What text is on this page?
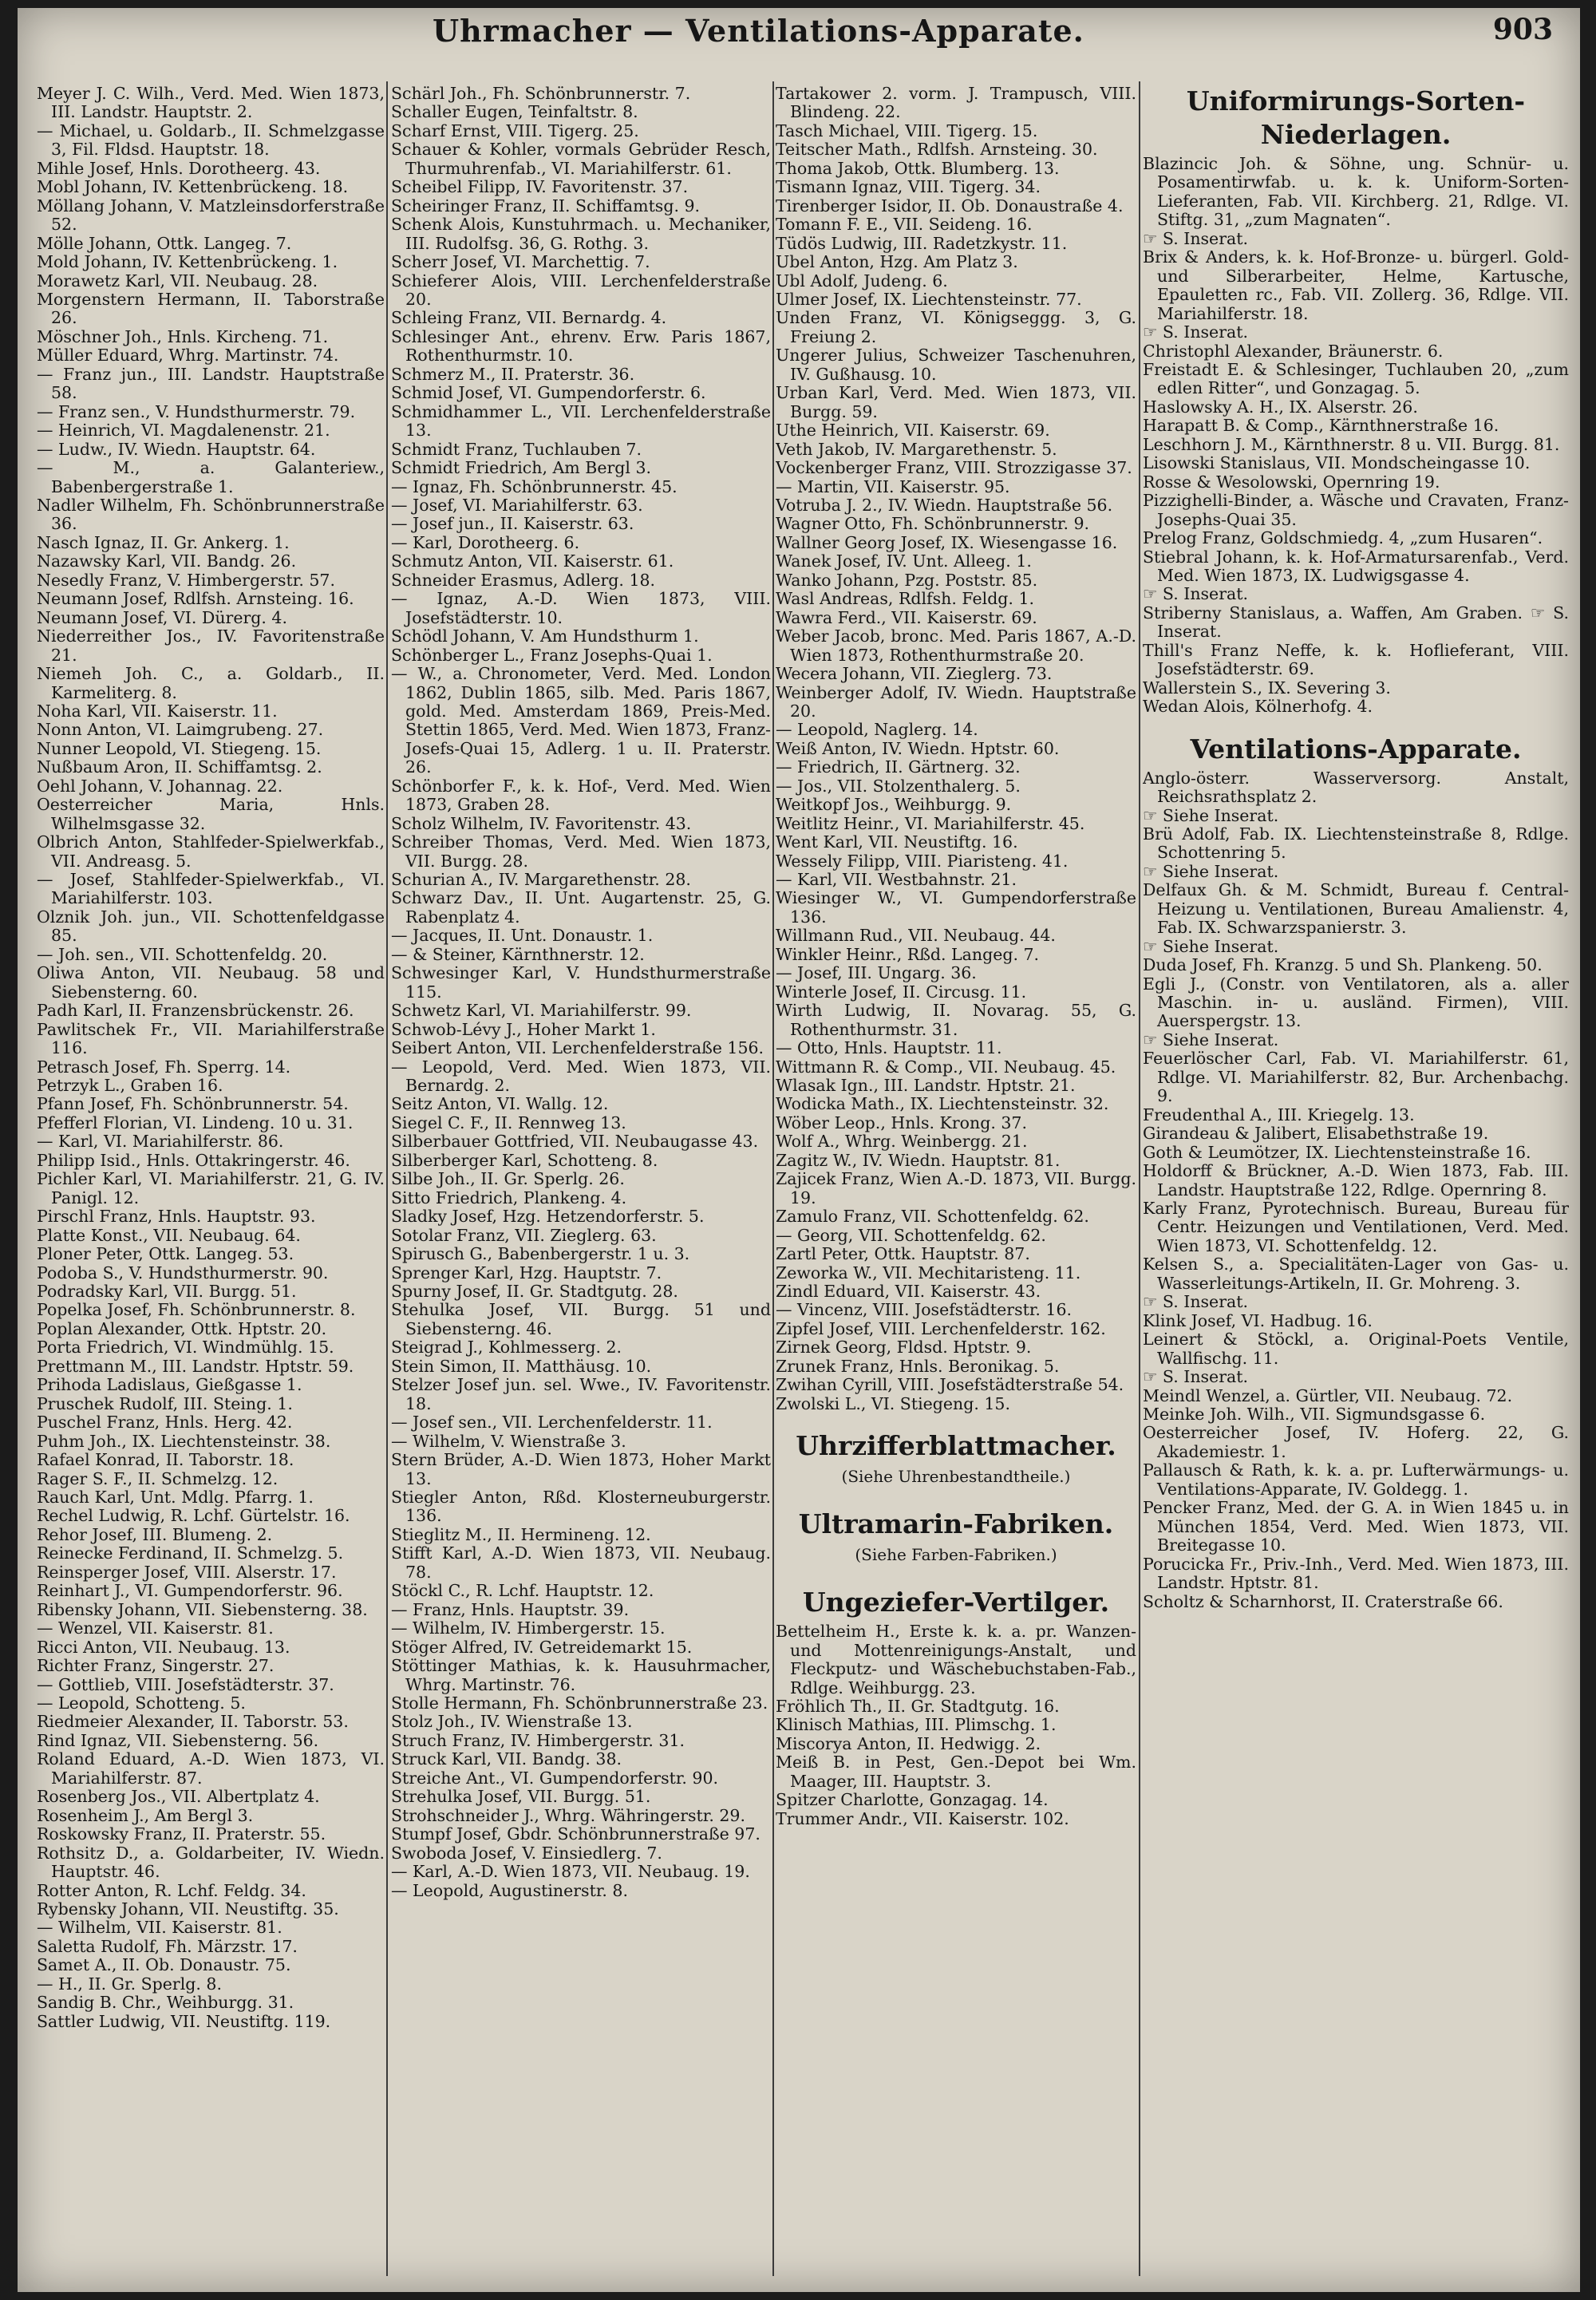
Uhrmacher — Ventilations-Apparate.	903
Meyer J. C. Wilh., Verd. Med. Wien 1873, III. Landstr. Hauptstr. 2.
— Michael, u. Goldarb., II. Schmelzgasse 3, Fil. Fldsd. Hauptstr. 18.
Mihle Josef, Hnls. Dorotheerg. 43.
Mobl Johann, IV. Kettenbrückeng. 18.
Möllang Johann, V. Matzleinsdorferstraße 52.
Mölle Johann, Ottk. Langeg. 7.
Mold Johann, IV. Kettenbrückeng. 1.
Morawetz Karl, VII. Neubaug. 28.
Morgenstern Hermann, II. Taborstraße 26.
Möschner Joh., Hnls. Kircheng. 71.
Müller Eduard, Whrg. Martinstr. 74.
— Franz jun., III. Landstr. Hauptstraße 58.
— Franz sen., V. Hundsthurmerstr. 79.
— Heinrich, VI. Magdalenenstr. 21.
— Ludw., IV. Wiedn. Hauptstr. 64.
— M., a. Galanteriew., Babenbergerstraße 1.
Nadler Wilhelm, Fh. Schönbrunnerstraße 36.
Nasch Ignaz, II. Gr. Ankerg. 1.
Nazawsky Karl, VII. Bandg. 26.
Nesedly Franz, V. Himbergerstr. 57.
Neumann Josef, Rdlfsh. Arnsteing. 16.
Neumann Josef, VI. Dürerg. 4.
Niederreither Jos., IV. Favoritenstraße 21.
Niemeh Joh. C., a. Goldarb., II. Karmeliterg. 8.
Noha Karl, VII. Kaiserstr. 11.
Nonn Anton, VI. Laimgrubeng. 27.
Nunner Leopold, VI. Stiegeng. 15.
Nußbaum Aron, II. Schiffamtsg. 2.
Oehl Johann, V. Johannag. 22.
Oesterreicher Maria, Hnls. Wilhelmsgasse 32.
Olbrich Anton, Stahlfeder-Spielwerkfab., VII. Andreasg. 5.
— Josef, Stahlfeder-Spielwerkfab., VI. Mariahilferstr. 103.
Olznik Joh. jun., VII. Schottenfeldgasse 85.
— Joh. sen., VII. Schottenfeldg. 20.
Oliwa Anton, VII. Neubaug. 58 und Siebensterng. 60.
Padh Karl, II. Franzensbrückenstr. 26.
Pawlitschek Fr., VII. Mariahilferstraße 116.
Petrasch Josef, Fh. Sperrg. 14.
Petrzyk L., Graben 16.
Pfann Josef, Fh. Schönbrunnerstr. 54.
Pfefferl Florian, VI. Lindeng. 10 u. 31.
— Karl, VI. Mariahilferstr. 86.
Philipp Isid., Hnls. Ottakringerstr. 46.
Pichler Karl, VI. Mariahilferstr. 21, G. IV. Panigl. 12.
Pirschl Franz, Hnls. Hauptstr. 93.
Platte Konst., VII. Neubaug. 64.
Ploner Peter, Ottk. Langeg. 53.
Podoba S., V. Hundsthurmerstr. 90.
Podradsky Karl, VII. Burgg. 51.
Popelka Josef, Fh. Schönbrunnerstr. 8.
Poplan Alexander, Ottk. Hptstr. 20.
Porta Friedrich, VI. Windmühlg. 15.
Prettmann M., III. Landstr. Hptstr. 59.
Prihoda Ladislaus, Gießgasse 1.
Pruschek Rudolf, III. Steing. 1.
Puschel Franz, Hnls. Herg. 42.
Puhm Joh., IX. Liechtensteinstr. 38.
Rafael Konrad, II. Taborstr. 18.
Rager S. F., II. Schmelzg. 12.
Rauch Karl, Unt. Mdlg. Pfarrg. 1.
Rechel Ludwig, R. Lchf. Gürtelstr. 16.
Rehor Josef, III. Blumeng. 2.
Reinecke Ferdinand, II. Schmelzg. 5.
Reinsperger Josef, VIII. Alserstr. 17.
Reinhart J., VI. Gumpendorferstr. 96.
Ribensky Johann, VII. Siebensterng. 38.
— Wenzel, VII. Kaiserstr. 81.
Ricci Anton, VII. Neubaug. 13.
Richter Franz, Singerstr. 27.
— Gottlieb, VIII. Josefstädterstr. 37.
— Leopold, Schotteng. 5.
Riedmeier Alexander, II. Taborstr. 53.
Rind Ignaz, VII. Siebensterng. 56.
Roland Eduard, A.-D. Wien 1873, VI. Mariahilferstr. 87.
Rosenberg Jos., VII. Albertplatz 4.
Rosenheim J., Am Bergl 3.
Roskowsky Franz, II. Praterstr. 55.
Rothsitz D., a. Goldarbeiter, IV. Wiedn. Hauptstr. 46.
Rotter Anton, R. Lchf. Feldg. 34.
Rybensky Johann, VII. Neustiftg. 35.
— Wilhelm, VII. Kaiserstr. 81.
Saletta Rudolf, Fh. Märzstr. 17.
Samet A., II. Ob. Donaustr. 75.
— H., II. Gr. Sperlg. 8.
Sandig B. Chr., Weihburgg. 31.
Sattler Ludwig, VII. Neustiftg. 119.
Schärl Joh., Fh. Schönbrunnerstr. 7.
Schaller Eugen, Teinfaltstr. 8.
Scharf Ernst, VIII. Tigerg. 25.
Schauer & Kohler, vormals Gebrüder Resch, Thurmuhrenfab., VI. Mariahilferstr. 61.
Scheibel Filipp, IV. Favoritenstr. 37.
Scheiringer Franz, II. Schiffamtsg. 9.
Schenk Alois, Kunstuhrmach. u. Mechaniker, III. Rudolfsg. 36, G. Rothg. 3.
Scherr Josef, VI. Marchettig. 7.
Schieferer Alois, VIII. Lerchenfelderstraße 20.
Schleing Franz, VII. Bernardg. 4.
Schlesinger Ant., ehrenv. Erw. Paris 1867, Rothenthurmstr. 10.
Schmerz M., II. Praterstr. 36.
Schmid Josef, VI. Gumpendorferstr. 6.
Schmidhammer L., VII. Lerchenfelderstraße 13.
Schmidt Franz, Tuchlauben 7.
Schmidt Friedrich, Am Bergl 3.
— Ignaz, Fh. Schönbrunnerstr. 45.
— Josef, VI. Mariahilferstr. 63.
— Josef jun., II. Kaiserstr. 63.
— Karl, Dorotheerg. 6.
Schmutz Anton, VII. Kaiserstr. 61.
Schneider Erasmus, Adlerg. 18.
— Ignaz, A.-D. Wien 1873, VIII. Josefstädterstr. 10.
Schödl Johann, V. Am Hundsthurm 1.
Schönberger L., Franz Josephs-Quai 1.
— W., a. Chronometer, Verd. Med. London 1862, Dublin 1865, silb. Med. Paris 1867, gold. Med. Amsterdam 1869, Preis-Med. Stettin 1865, Verd. Med. Wien 1873, Franz-Josefs-Quai 15, Adlerg. 1 u. II. Praterstr. 26.
Schönborfer F., k. k. Hof-, Verd. Med. Wien 1873, Graben 28.
Scholz Wilhelm, IV. Favoritenstr. 43.
Schreiber Thomas, Verd. Med. Wien 1873, VII. Burgg. 28.
Schurian A., IV. Margarethenstr. 28.
Schwarz Dav., II. Unt. Augartenstr. 25, G. Rabenplatz 4.
— Jacques, II. Unt. Donaustr. 1.
— & Steiner, Kärnthnerstr. 12.
Schwesinger Karl, V. Hundsthurmerstraße 115.
Schwetz Karl, VI. Mariahilferstr. 99.
Schwob-Lévy J., Hoher Markt 1.
Seibert Anton, VII. Lerchenfelderstraße 156.
— Leopold, Verd. Med. Wien 1873, VII. Bernardg. 2.
Seitz Anton, VI. Wallg. 12.
Siegel C. F., II. Rennweg 13.
Silberbauer Gottfried, VII. Neubaugasse 43.
Silberberger Karl, Schotteng. 8.
Silbe Joh., II. Gr. Sperlg. 26.
Sitto Friedrich, Plankeng. 4.
Sladky Josef, Hzg. Hetzendorferstr. 5.
Sotolar Franz, VII. Zieglerg. 63.
Spirusch G., Babenbergerstr. 1 u. 3.
Sprenger Karl, Hzg. Hauptstr. 7.
Spurny Josef, II. Gr. Stadtgutg. 28.
Stehulka Josef, VII. Burgg. 51 und Siebensterng. 46.
Steigrad J., Kohlmesserg. 2.
Stein Simon, II. Matthäusg. 10.
Stelzer Josef jun. sel. Wwe., IV. Favoritenstr. 18.
— Josef sen., VII. Lerchenfelderstr. 11.
— Wilhelm, V. Wienstraße 3.
Stern Brüder, A.-D. Wien 1873, Hoher Markt 13.
Stiegler Anton, Rßd. Klosterneuburgerstr. 136.
Stieglitz M., II. Hermineng. 12.
Stifft Karl, A.-D. Wien 1873, VII. Neubaug. 78.
Stöckl C., R. Lchf. Hauptstr. 12.
— Franz, Hnls. Hauptstr. 39.
— Wilhelm, IV. Himbergerstr. 15.
Stöger Alfred, IV. Getreidemarkt 15.
Stöttinger Mathias, k. k. Hausuhrmacher, Whrg. Martinstr. 76.
Stolle Hermann, Fh. Schönbrunnerstraße 23.
Stolz Joh., IV. Wienstraße 13.
Struch Franz, IV. Himbergerstr. 31.
Struck Karl, VII. Bandg. 38.
Streiche Ant., VI. Gumpendorferstr. 90.
Strehulka Josef, VII. Burgg. 51.
Strohschneider J., Whrg. Währingerstr. 29.
Stumpf Josef, Gbdr. Schönbrunnerstraße 97.
Swoboda Josef, V. Einsiedlerg. 7.
— Karl, A.-D. Wien 1873, VII. Neubaug. 19.
— Leopold, Augustinerstr. 8.
Tartakower 2. vorm. J. Trampusch, VIII. Blindeng. 22.
Tasch Michael, VIII. Tigerg. 15.
Teitscher Math., Rdlfsh. Arnsteing. 30.
Thoma Jakob, Ottk. Blumberg. 13.
Tismann Ignaz, VIII. Tigerg. 34.
Tirenberger Isidor, II. Ob. Donaustraße 4.
Tomann F. E., VII. Seideng. 16.
Tüdös Ludwig, III. Radetzkystr. 11.
Ubel Anton, Hzg. Am Platz 3.
Ubl Adolf, Judeng. 6.
Ulmer Josef, IX. Liechtensteinstr. 77.
Unden Franz, VI. Königseggg. 3, G. Freiung 2.
Ungerer Julius, Schweizer Taschenuhren, IV. Gußhausg. 10.
Urban Karl, Verd. Med. Wien 1873, VII. Burgg. 59.
Uthe Heinrich, VII. Kaiserstr. 69.
Veth Jakob, IV. Margarethenstr. 5.
Vockenberger Franz, VIII. Strozzigasse 37.
— Martin, VII. Kaiserstr. 95.
Votruba J. 2., IV. Wiedn. Hauptstraße 56.
Wagner Otto, Fh. Schönbrunnerstr. 9.
Wallner Georg Josef, IX. Wiesengasse 16.
Wanek Josef, IV. Unt. Alleeg. 1.
Wanko Johann, Pzg. Poststr. 85.
Wasl Andreas, Rdlfsh. Feldg. 1.
Wawra Ferd., VII. Kaiserstr. 69.
Weber Jacob, bronc. Med. Paris 1867, A.-D. Wien 1873, Rothenthurmstraße 20.
Wecera Johann, VII. Zieglerg. 73.
Weinberger Adolf, IV. Wiedn. Hauptstraße 20.
— Leopold, Naglerg. 14.
Weiß Anton, IV. Wiedn. Hptstr. 60.
— Friedrich, II. Gärtnerg. 32.
— Jos., VII. Stolzenthalerg. 5.
Weitkopf Jos., Weihburgg. 9.
Weitlitz Heinr., VI. Mariahilferstr. 45.
Went Karl, VII. Neustiftg. 16.
Wessely Filipp, VIII. Piaristeng. 41.
— Karl, VII. Westbahnstr. 21.
Wiesinger W., VI. Gumpendorferstraße 136.
Willmann Rud., VII. Neubaug. 44.
Winkler Heinr., Rßd. Langeg. 7.
— Josef, III. Ungarg. 36.
Winterle Josef, II. Circusg. 11.
Wirth Ludwig, II. Novarag. 55, G. Rothenthurmstr. 31.
— Otto, Hnls. Hauptstr. 11.
Wittmann R. & Comp., VII. Neubaug. 45.
Wlasak Ign., III. Landstr. Hptstr. 21.
Wodicka Math., IX. Liechtensteinstr. 32.
Wöber Leop., Hnls. Krong. 37.
Wolf A., Whrg. Weinbergg. 21.
Zagitz W., IV. Wiedn. Hauptstr. 81.
Zajicek Franz, Wien A.-D. 1873, VII. Burgg. 19.
Zamulo Franz, VII. Schottenfeldg. 62.
— Georg, VII. Schottenfeldg. 62.
Zartl Peter, Ottk. Hauptstr. 87.
Zeworka W., VII. Mechitaristeng. 11.
Zindl Eduard, VII. Kaiserstr. 43.
— Vincenz, VIII. Josefstädterstr. 16.
Zipfel Josef, VIII. Lerchenfelderstr. 162.
Zirnek Georg, Fldsd. Hptstr. 9.
Zrunek Franz, Hnls. Beronikag. 5.
Zwihan Cyrill, VIII. Josefstädterstraße 54.
Zwolski L., VI. Stiegeng. 15.
Uhrzifferblattmacher.
(Siehe Uhrenbestandtheile.)
Ultramarin-Fabriken.
(Siehe Farben-Fabriken.)
Ungeziefer-Vertilger.
Bettelheim H., Erste k. k. a. pr. Wanzen- und Mottenreinigungs-Anstalt, und Fleckputz- und Wäschebuchstaben-Fab., Rdlge. Weihburgg. 23.
Fröhlich Th., II. Gr. Stadtgutg. 16.
Klinisch Mathias, III. Plimschg. 1.
Miscorya Anton, II. Hedwigg. 2.
Meiß B. in Pest, Gen.-Depot bei Wm. Maager, III. Hauptstr. 3.
Spitzer Charlotte, Gonzagag. 14.
Trummer Andr., VII. Kaiserstr. 102.
Uniformirungs-Sorten-Niederlagen.
Blazincic Joh. & Söhne, ung. Schnür- u. Posamentirwfab. u. k. k. Uniform-Sorten-Lieferanten, Fab. VII. Kirchberg. 21, Rdlge. VI. Stiftg. 31, „zum Magnaten“.
☞ S. Inserat.
Brix & Anders, k. k. Hof-Bronze- u. bürgerl. Gold- und Silberarbeiter, Helme, Kartusche, Epauletten rc., Fab. VII. Zollerg. 36, Rdlge. VII. Mariahilferstr. 18.
☞ S. Inserat.
Christophl Alexander, Bräunerstr. 6.
Freistadt E. & Schlesinger, Tuchlauben 20, „zum edlen Ritter“, und Gonzagag. 5.
Haslowsky A. H., IX. Alserstr. 26.
Harapatt B. & Comp., Kärnthnerstraße 16.
Leschhorn J. M., Kärnthnerstr. 8 u. VII. Burgg. 81.
Lisowski Stanislaus, VII. Mondscheingasse 10.
Rosse & Wesolowski, Opernring 19.
Pizzighelli-Binder, a. Wäsche und Cravaten, Franz-Josephs-Quai 35.
Prelog Franz, Goldschmiedg. 4, „zum Husaren“.
Stiebral Johann, k. k. Hof-Armatursarenfab., Verd. Med. Wien 1873, IX. Ludwigsgasse 4.
☞ S. Inserat.
Striberny Stanislaus, a. Waffen, Am Graben. ☞ S. Inserat.
Thill's Franz Neffe, k. k. Hoflieferant, VIII. Josefstädterstr. 69.
Wallerstein S., IX. Severing 3.
Wedan Alois, Kölnerhofg. 4.
Ventilations-Apparate.
Anglo-österr. Wasserversorg. Anstalt, Reichsrathsplatz 2.
☞ Siehe Inserat.
Brü Adolf, Fab. IX. Liechtensteinstraße 8, Rdlge. Schottenring 5.
☞ Siehe Inserat.
Delfaux Gh. & M. Schmidt, Bureau f. Central-Heizung u. Ventilationen, Bureau Amalienstr. 4, Fab. IX. Schwarzspanierstr. 3.
☞ Siehe Inserat.
Duda Josef, Fh. Kranzg. 5 und Sh. Plankeng. 50.
Egli J., (Constr. von Ventilatoren, als a. aller Maschin. in- u. ausländ. Firmen), VIII. Auerspergstr. 13.
☞ Siehe Inserat.
Feuerlöscher Carl, Fab. VI. Mariahilferstr. 61, Rdlge. VI. Mariahilferstr. 82, Bur. Archenbachg. 9.
Freudenthal A., III. Kriegelg. 13.
Girandeau & Jalibert, Elisabethstraße 19.
Goth & Leumötzer, IX. Liechtensteinstraße 16.
Holdorff & Brückner, A.-D. Wien 1873, Fab. III. Landstr. Hauptstraße 122, Rdlge. Opernring 8.
Karly Franz, Pyrotechnisch. Bureau, Bureau für Centr. Heizungen und Ventilationen, Verd. Med. Wien 1873, VI. Schottenfeldg. 12.
Kelsen S., a. Specialitäten-Lager von Gas- u. Wasserleitungs-Artikeln, II. Gr. Mohreng. 3.
☞ S. Inserat.
Klink Josef, VI. Hadbug. 16.
Leinert & Stöckl, a. Original-Poets Ventile, Wallfischg. 11.
☞ S. Inserat.
Meindl Wenzel, a. Gürtler, VII. Neubaug. 72.
Meinke Joh. Wilh., VII. Sigmundsgasse 6.
Oesterreicher Josef, IV. Hoferg. 22, G. Akademiestr. 1.
Pallausch & Rath, k. k. a. pr. Lufterwärmungs- u. Ventilations-Apparate, IV. Goldegg. 1.
Pencker Franz, Med. der G. A. in Wien 1845 u. in München 1854, Verd. Med. Wien 1873, VII. Breitegasse 10.
Porucicka Fr., Priv.-Inh., Verd. Med. Wien 1873, III. Landstr. Hptstr. 81.
Scholtz & Scharnhorst, II. Craterstraße 66.
